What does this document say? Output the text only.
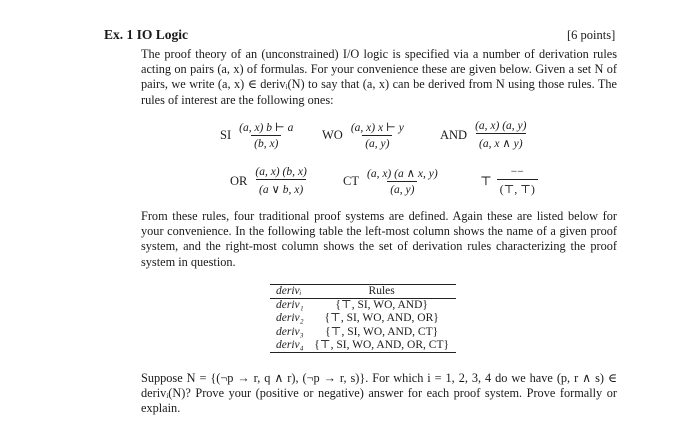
Ex. 1 IO Logic	[6 points]
The proof theory of an (unconstrained) I/O logic is specified via a number of derivation rules acting on pairs (a, x) of formulas. For your convenience these are given below. Given a set N of pairs, we write (a, x) ∈ derivᵢ(N) to say that (a, x) can be derived from N using those rules. The rules of interest are the following ones:
SI $\frac{(a, x) b ⊢ a}{(b, x)}$ WO $\frac{(a, x) x ⊢ y}{(a, y)}$	AND $\frac{(a, x) (a, y)}{(a, x \wedge y)}$
OR $\frac{(a, x) (b, x)}{(a \vee b, x)}$	CT $\frac{(a, x) (a \wedge x, y)}{(a, y)}$	⊤ $\frac{--}{(⊤, ⊤)}$
From these rules, four traditional proof systems are defined. Again these are listed below for your convenience. In the following table the left-most column shows the name of a given proof system, and the right-most column shows the set of derivation rules characterizing the proof system in question.
derivᵢ	Rules
deriv₁	{⊤, SI, WO, AND}
deriv₂	{⊤, SI, WO, AND, OR}
deriv₃	{⊤, SI, WO, AND, CT}
deriv₄	{⊤, SI, WO, AND, OR, CT}
Suppose N = {(¬p → r, q ∧ r), (¬p → r, s)}. For which i = 1, 2, 3, 4 do we have (p, r ∧ s) ∈ derivᵢ(N)? Prove your (positive or negative) answer for each proof system. Prove formally or explain.
